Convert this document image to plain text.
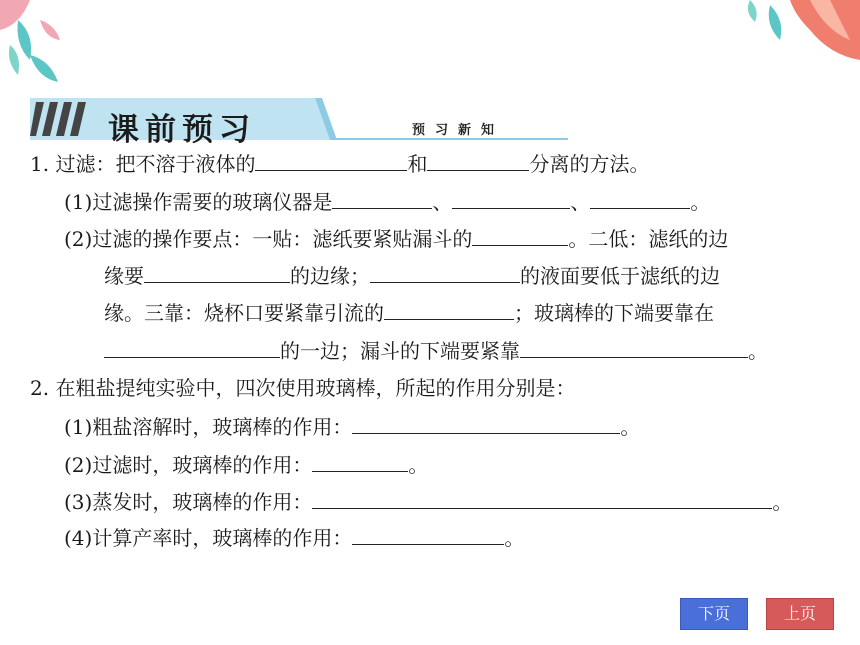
课前预习	预习新知
1. 过滤：把不溶于液体的	和	分离的方法。
(1)过滤操作需要的玻璃仪器是	、	、	。
(2)过滤的操作要点：一贴：滤纸要紧贴漏斗的	。二低：滤纸的边
缘要	的边缘；	的液面要低于滤纸的边
缘。三靠：烧杯口要紧靠引流的	；玻璃棒的下端要靠在
的一边；漏斗的下端要紧靠	。
2. 在粗盐提纯实验中，四次使用玻璃棒，所起的作用分别是：
(1)粗盐溶解时，玻璃棒的作用：	。
(2)过滤时，玻璃棒的作用：	。
(3)蒸发时，玻璃棒的作用：	。
(4)计算产率时，玻璃棒的作用：	。
下页	上页
